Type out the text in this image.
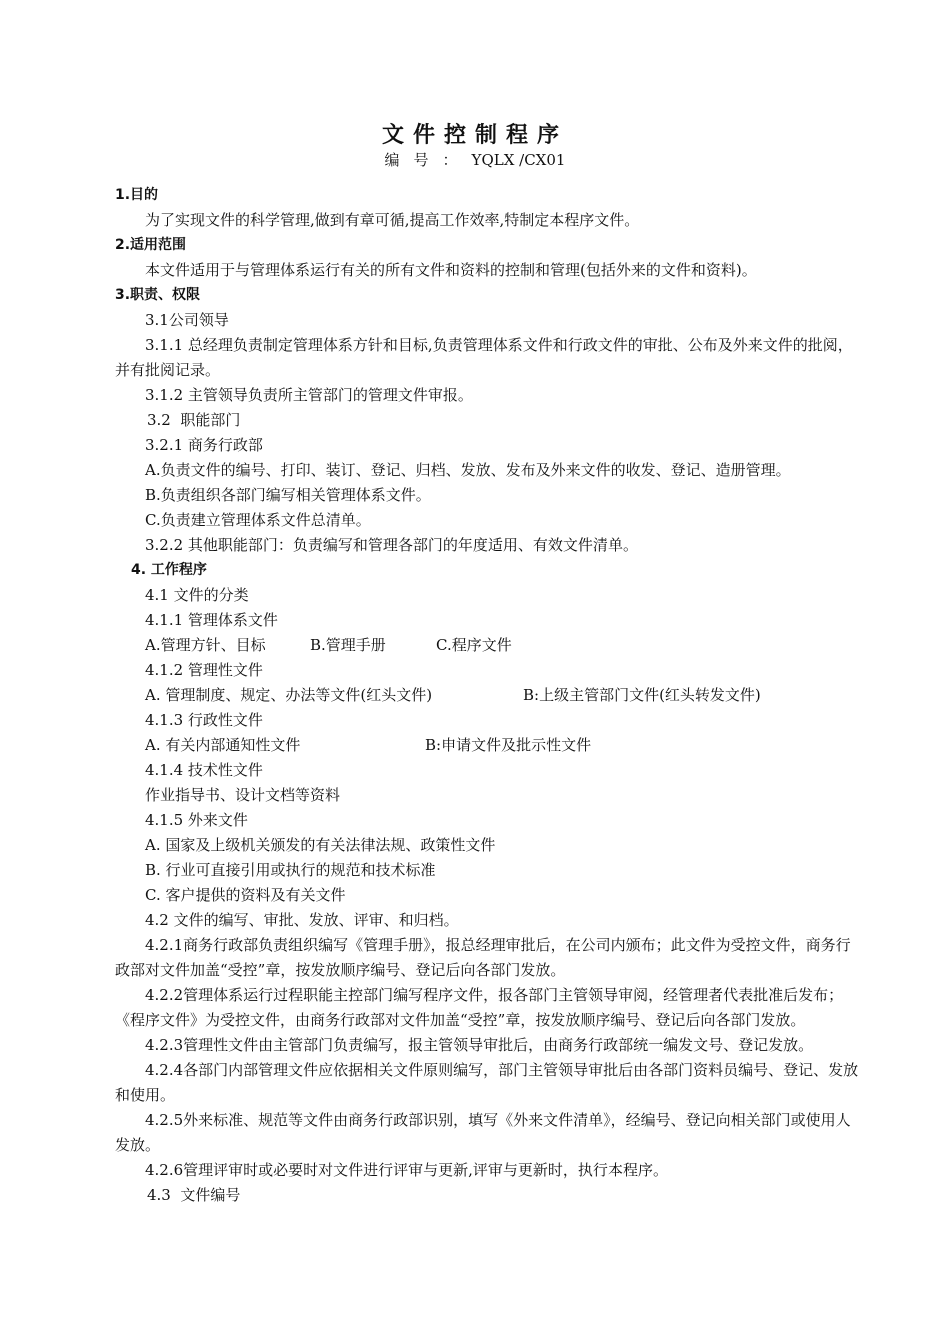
文件控制程序
编号：YQLX /CX01

1.目的

为了实现文件的科学管理,做到有章可循,提高工作效率,特制定本程序文件。

2.适用范围

本文件适用于与管理体系运行有关的所有文件和资料的控制和管理(包括外来的文件和资料)。

3.职责、权限

3.1公司领导

3.1.1 总经理负责制定管理体系方针和目标,负责管理体系文件和行政文件的审批、公布及外来文件的批阅，并有批阅记录。

3.1.2 主管领导负责所主管部门的管理文件审报。

3.2  职能部门

3.2.1 商务行政部

A.负责文件的编号、打印、装订、登记、归档、发放、发布及外来文件的收发、登记、造册管理。

B.负责组织各部门编写相关管理体系文件。

C.负责建立管理体系文件总清单。

3.2.2 其他职能部门：负责编写和管理各部门的年度适用、有效文件清单。

4. 工作程序

4.1 文件的分类

4.1.1 管理体系文件

A.管理方针、目标	B.管理手册	C.程序文件

4.1.2 管理性文件

A. 管理制度、规定、办法等文件(红头文件)	B:上级主管部门文件(红头转发文件)

4.1.3 行政性文件

A. 有关内部通知性文件	B:申请文件及批示性文件

4.1.4 技术性文件

作业指导书、设计文档等资料

4.1.5 外来文件

A. 国家及上级机关颁发的有关法律法规、政策性文件

B. 行业可直接引用或执行的规范和技术标准

C. 客户提供的资料及有关文件

4.2 文件的编写、审批、发放、评审、和归档。

4.2.1商务行政部负责组织编写《管理手册》，报总经理审批后，在公司内颁布；此文件为受控文件，商务行政部对文件加盖“受控”章，按发放顺序编号、登记后向各部门发放。

4.2.2管理体系运行过程职能主控部门编写程序文件，报各部门主管领导审阅，经管理者代表批准后发布；《程序文件》为受控文件，由商务行政部对文件加盖“受控”章，按发放顺序编号、登记后向各部门发放。

4.2.3管理性文件由主管部门负责编写，报主管领导审批后，由商务行政部统一编发文号、登记发放。

4.2.4各部门内部管理文件应依据相关文件原则编写，部门主管领导审批后由各部门资料员编号、登记、发放和使用。

4.2.5外来标准、规范等文件由商务行政部识别，填写《外来文件清单》，经编号、登记向相关部门或使用人发放。

4.2.6管理评审时或必要时对文件进行评审与更新,评审与更新时，执行本程序。

4.3  文件编号
